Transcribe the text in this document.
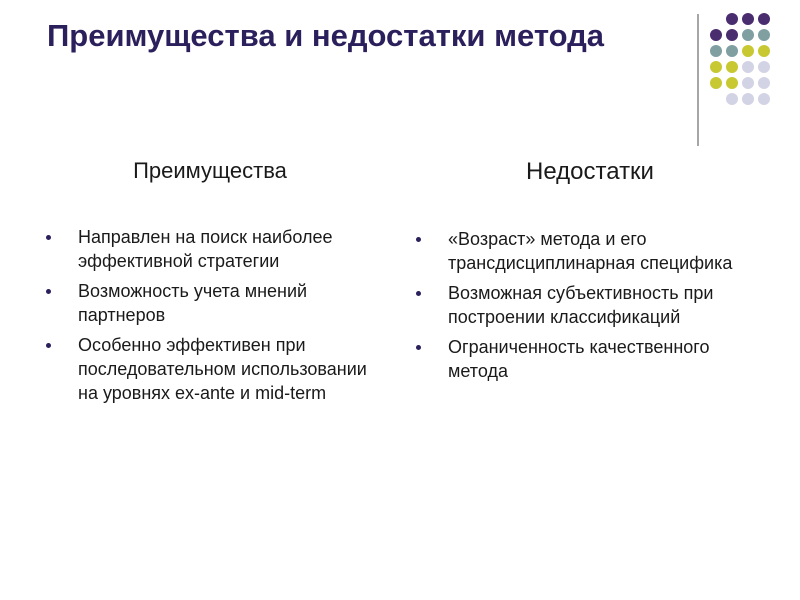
Преимущества и недостатки метода
Преимущества
Направлен на поиск наиболее эффективной стратегии
Возможность учета мнений партнеров
Особенно эффективен при последовательном использовании на уровнях ex-ante и mid-term
Недостатки
«Возраст» метода и его трансдисциплинарная специфика
Возможная субъективность при построении классификаций
Ограниченность качественного метода
